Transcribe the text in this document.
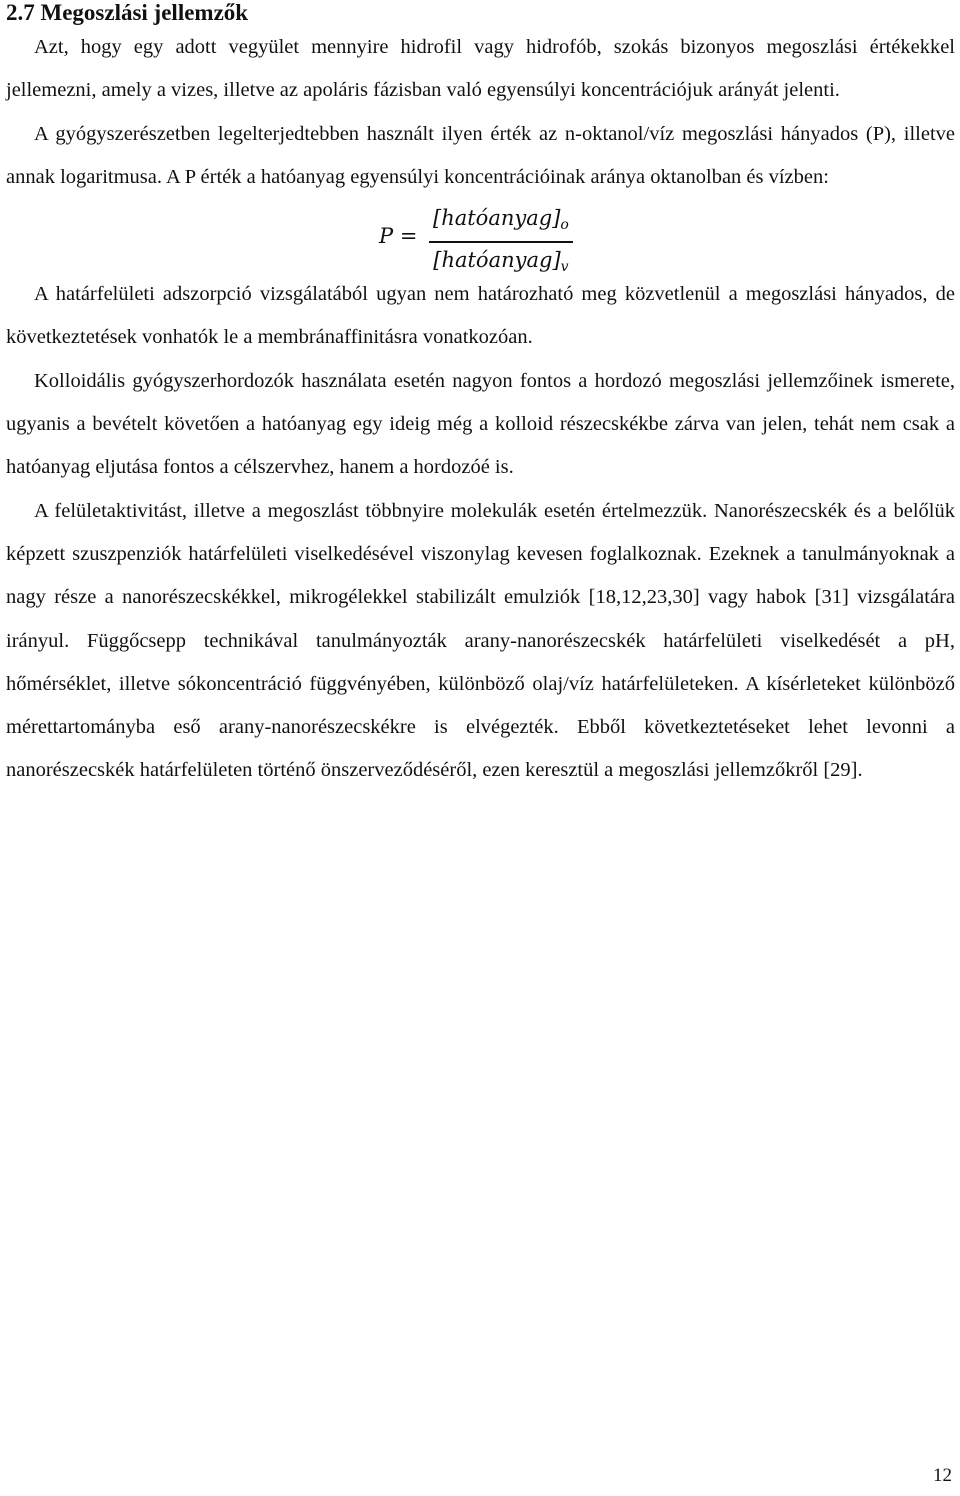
2.7 Megoszlási jellemzők

Azt, hogy egy adott vegyület mennyire hidrofil vagy hidrofób, szokás bizonyos megoszlási értékekkel jellemezni, amely a vizes, illetve az apoláris fázisban való egyensúlyi koncentrációjuk arányát jelenti.

A gyógyszerészetben legelterjedtebben használt ilyen érték az n-oktanol/víz megoszlási hányados (P), illetve annak logaritmusa. A P érték a hatóanyag egyensúlyi koncentrációinak aránya oktanolban és vízben:

P =
$[hatóanyag]_o$
$[hatóanyag]_v$

A határfelületi adszorpció vizsgálatából ugyan nem határozható meg közvetlenül a megoszlási hányados, de következtetések vonhatók le a membránaffinitásra vonatkozóan.

Kolloidális gyógyszerhordozók használata esetén nagyon fontos a hordozó megoszlási jellemzőinek ismerete, ugyanis a bevételt követően a hatóanyag egy ideig még a kolloid részecskékbe zárva van jelen, tehát nem csak a hatóanyag eljutása fontos a célszervhez, hanem a hordozóé is.

A felületaktivitást, illetve a megoszlást többnyire molekulák esetén értelmezzük. Nanorészecskék és a belőlük képzett szuszpenziók határfelületi viselkedésével viszonylag kevesen foglalkoznak. Ezeknek a tanulmányoknak a nagy része a nanorészecskékkel, mikrogélekkel stabilizált emulziók [18,12,23,30] vagy habok [31] vizsgálatára irányul. Függőcsepp technikával tanulmányozták arany-nanorészecskék határfelületi viselkedését a pH, hőmérséklet, illetve sókoncentráció függvényében, különböző olaj/víz határfelületeken. A kísérleteket különböző mérettartományba eső arany-nanorészecskékre is elvégezték. Ebből következtetéseket lehet levonni a nanorészecskék határfelületen történő önszerveződéséről, ezen keresztül a megoszlási jellemzőkről [29].

12
